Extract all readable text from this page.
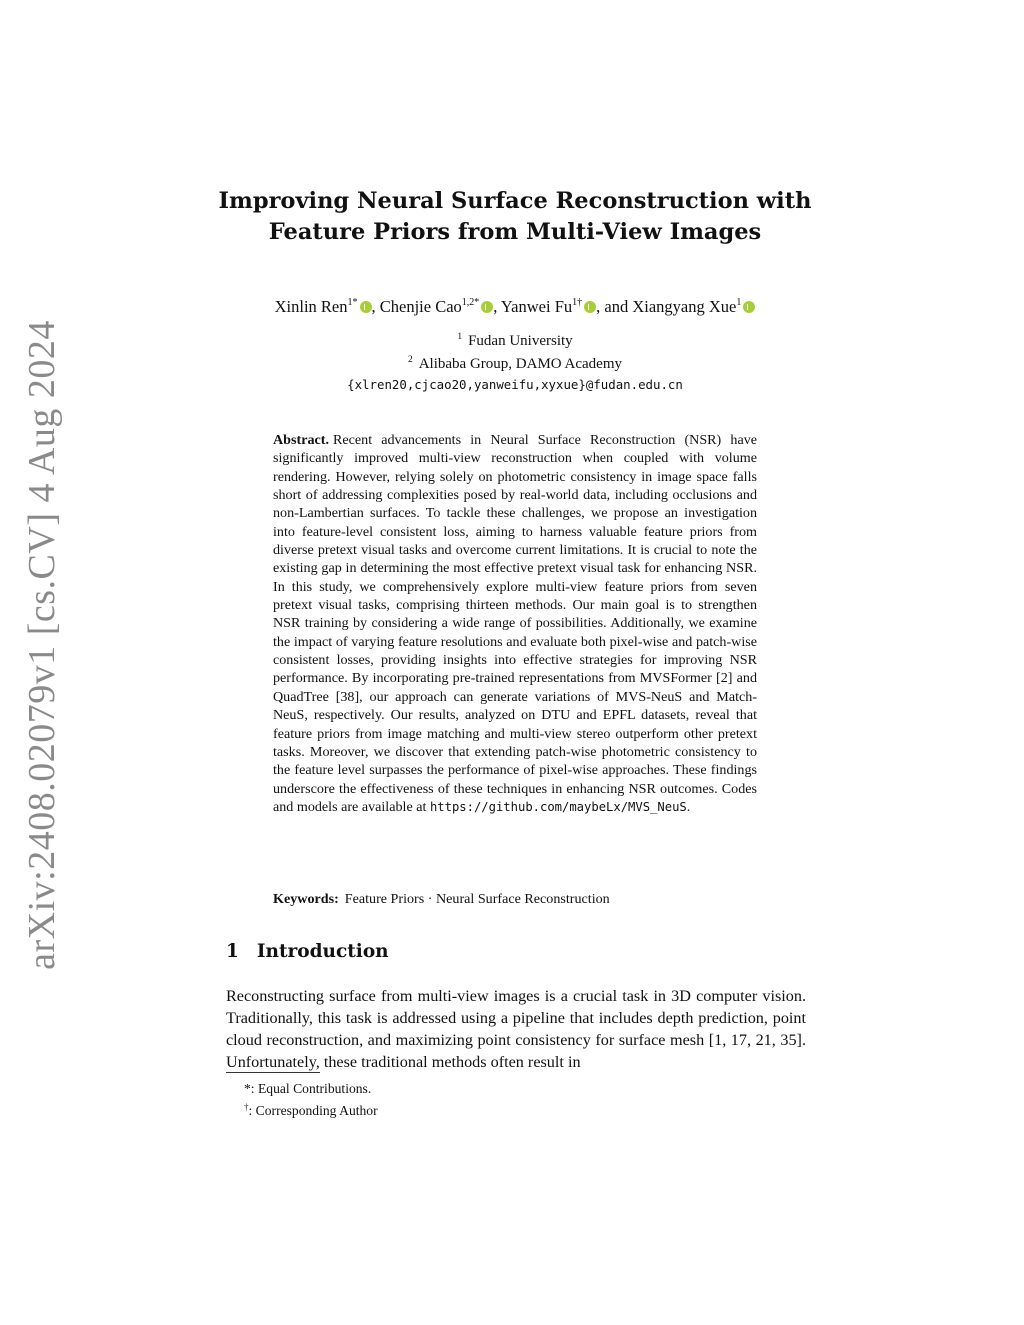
arXiv:2408.02079v1 [cs.CV] 4 Aug 2024
Improving Neural Surface Reconstruction with
Feature Priors from Multi-View Images
Xinlin Ren$^{1*}$ , Chenjie Cao$^{1,2*}$ , Yanwei $Fu^{1\dagger}$ , and Xiangyang Xue$^1$
$^1$ Fudan University
$^2$ Alibaba Group, DAMO Academy
{xlren20,cjcao20,yanweifu,xyxue}@fudan.edu.cn
Abstract. Recent advancements in Neural Surface Reconstruction (NSR) have significantly improved multi-view reconstruction when coupled with volume rendering. However, relying solely on photometric consistency in image space falls short of addressing complexities posed by real-world data, including occlusions and non-Lambertian surfaces. To tackle these challenges, we propose an investigation into feature-level consistent loss, aiming to harness valuable feature priors from diverse pretext visual tasks and overcome current limitations. It is crucial to note the existing gap in determining the most effective pretext visual task for enhancing NSR. In this study, we comprehensively explore multi-view feature priors from seven pretext visual tasks, comprising thirteen methods. Our main goal is to strengthen NSR training by considering a wide range of possibilities. Additionally, we examine the impact of varying feature resolutions and evaluate both pixel-wise and patch-wise consistent losses, providing insights into effective strategies for improving NSR performance. By incorporating pre-trained representations from MVSFormer [2] and QuadTree [38], our approach can generate variations of MVS-NeuS and Match-NeuS, respectively. Our results, analyzed on DTU and EPFL datasets, reveal that feature priors from image matching and multi-view stereo outperform other pretext tasks. Moreover, we discover that extending patch-wise photometric consistency to the feature level surpasses the performance of pixel-wise approaches. These findings underscore the effectiveness of these techniques in enhancing NSR outcomes. Codes and models are available at https://github.com/maybeLx/MVS_NeuS.
Keywords: Feature Priors · Neural Surface Reconstruction
1 Introduction
Reconstructing surface from multi-view images is a crucial task in 3D computer vision. Traditionally, this task is addressed using a pipeline that includes depth prediction, point cloud reconstruction, and maximizing point consistency for surface mesh [1, 17, 21, 35]. Unfortunately, these traditional methods often result in
*: Equal Contributions.
†: Corresponding Author
